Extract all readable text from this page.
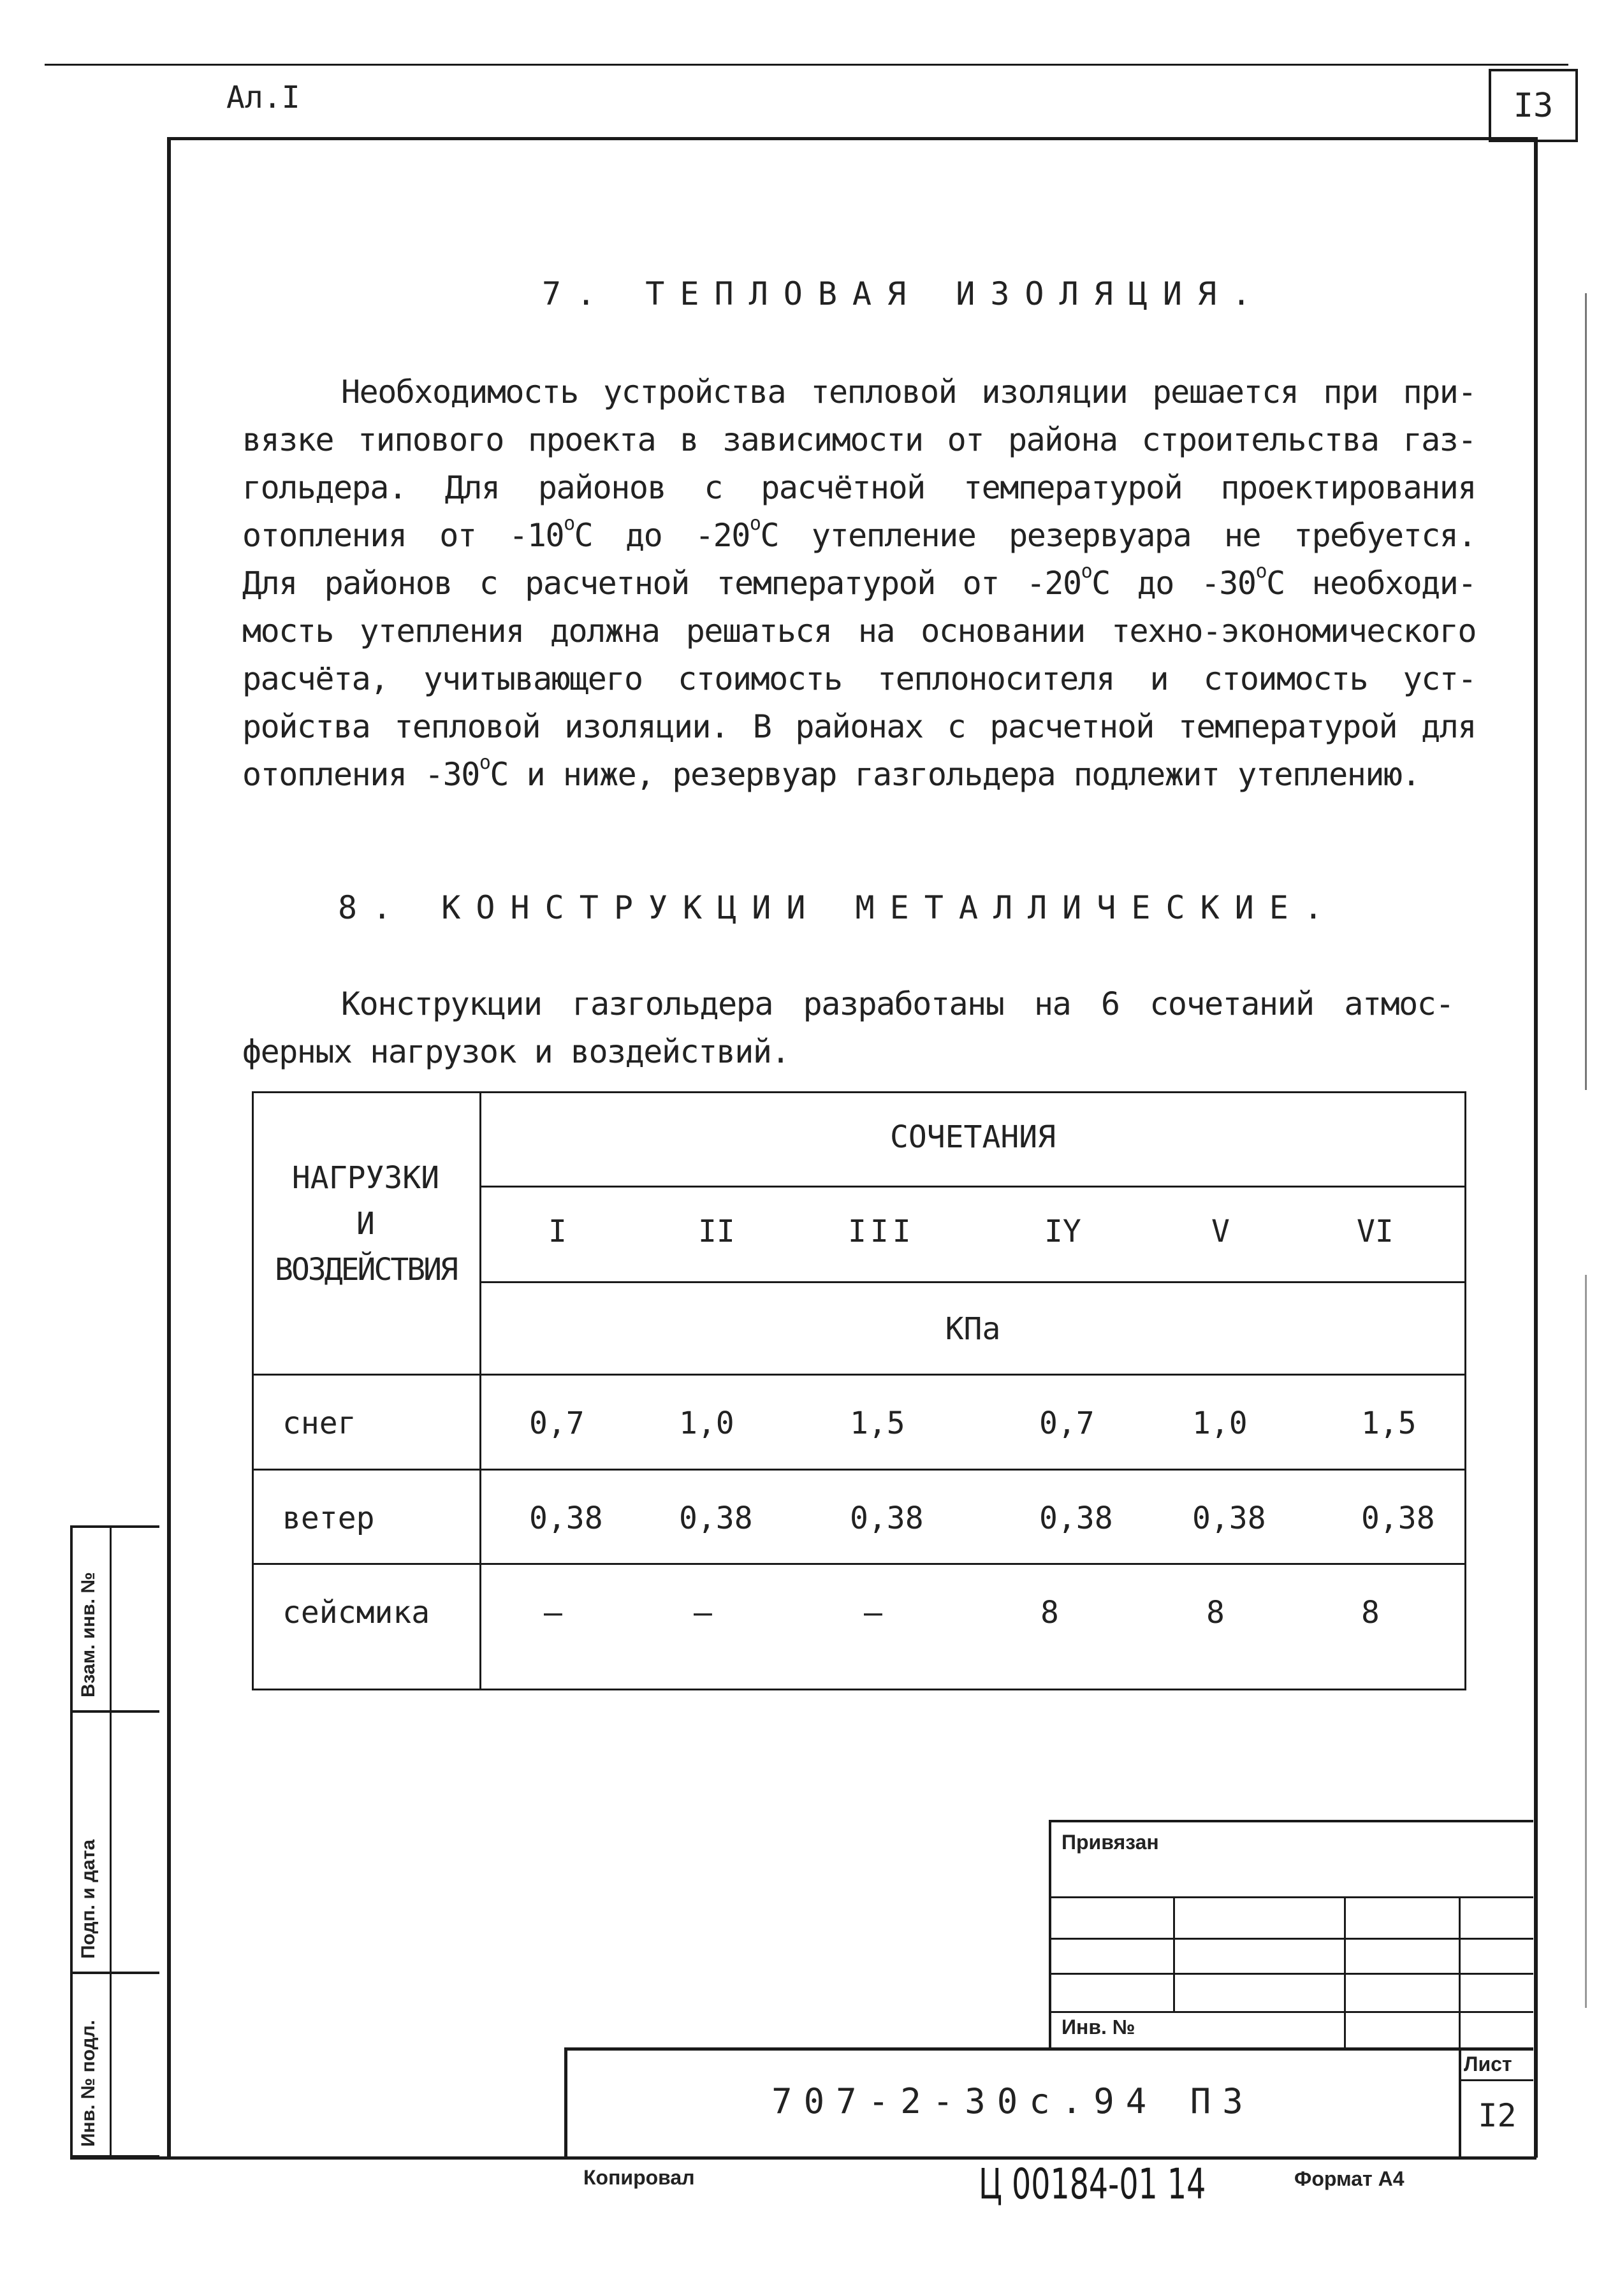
Ал.I	I3
7. ТЕПЛОВАЯ ИЗОЛЯЦИЯ.
Необходимость устройства тепловой изоляции решается при при-
вязке типового проекта в зависимости от района строительства газ-
гольдера. Для районов с расчётной температурой проектирования
отопления от -10$^o$С до -20$^o$С утепление резервуара не требуется.
Для районов с расчетной температурой от -20$^o$С до -30$^o$С необходи-
мость утепления должна решаться на основании техно-экономического
расчёта, учитывающего стоимость теплоносителя и стоимость уст-
ройства тепловой изоляции. В районах с расчетной температурой для
отопления -30$^o$С и ниже, резервуар газгольдера подлежит утеплению.
8. КОНСТРУКЦИИ МЕТАЛЛИЧЕСКИЕ.
Конструкции газгольдера разработаны на 6 сочетаний атмос-
ферных нагрузок и воздействий.
НАГРУЗКИ
И
ВОЗДЕЙСТВИЯ
СОЧЕТАНИЯ
I	II	III	IY	V	VI
КПа
снег	0,7	1,0	1,5	0,7	1,0	1,5
ветер	0,38 0,38	0,38	0,38	0,38	0,38
сейсмика	–	–	–	8	8	8
Взам. инв. №
Подп. и дата
Инв. № подл.
Привязан
Инв. №
707-2-30с.94 ПЗ
Лист
I2
Копировал	Ц 00184-01 14	Формат А4
